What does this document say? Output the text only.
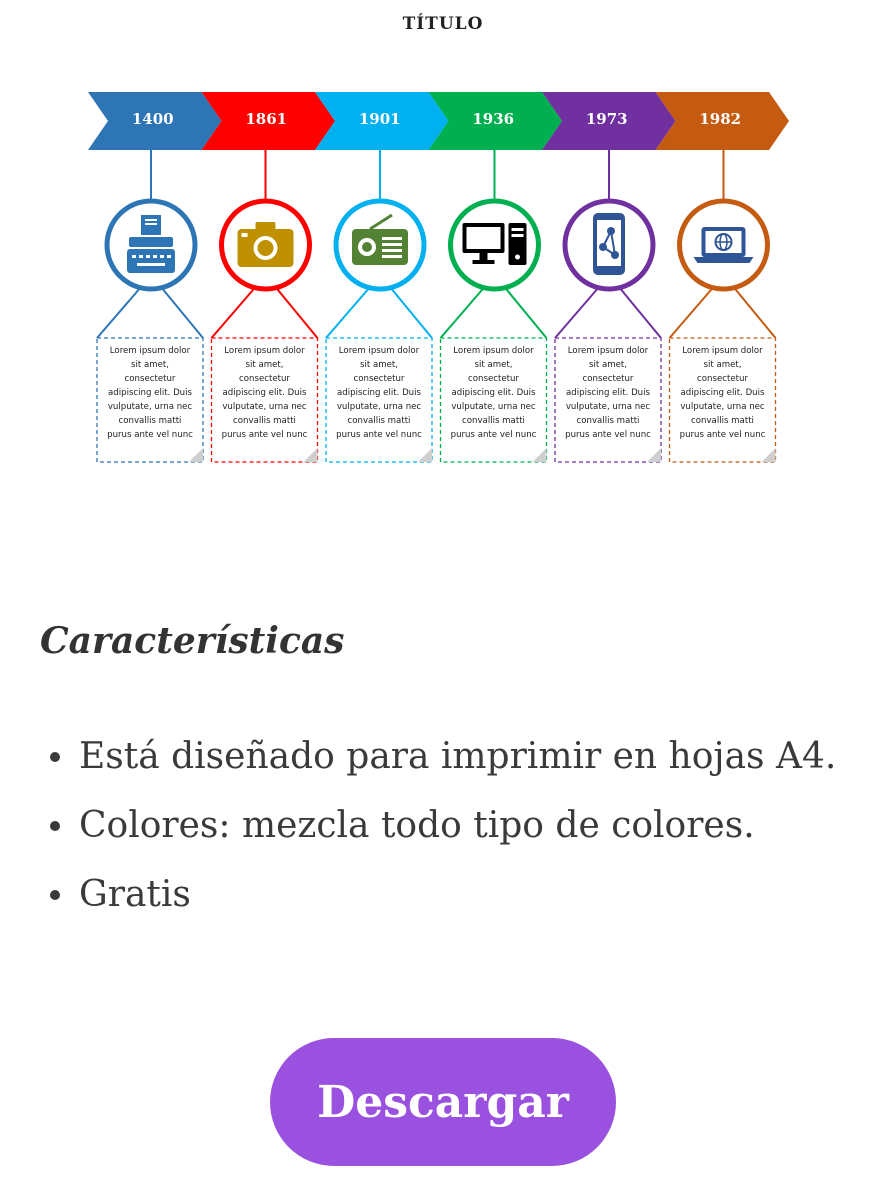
1400	1861	1901	1936	1973	1982
Lorem ipsum dolor
sit amet,
consectetur
adipiscing elit. Duis
vulputate, urna nec
convallis matti
purus ante vel nunc
Lorem ipsum dolor
sit amet,
consectetur
adipiscing elit. Duis
vulputate, urna nec
convallis matti
purus ante vel nunc
Lorem ipsum dolor
sit amet,
consectetur
adipiscing elit. Duis
vulputate, urna nec
convallis matti
purus ante vel nunc
Lorem ipsum dolor
sit amet,
consectetur
adipiscing elit. Duis
vulputate, urna nec
convallis matti
purus ante vel nunc
Lorem ipsum dolor
sit amet,
consectetur
adipiscing elit. Duis
vulputate, urna nec
convallis matti
purus ante vel nunc
Lorem ipsum dolor
sit amet,
consectetur
adipiscing elit. Duis
vulputate, urna nec
convallis matti
purus ante vel nunc
TÍTULO
Características
Está diseñado para imprimir en hojas A4.
Colores: mezcla todo tipo de colores.
Gratis
Descargar
